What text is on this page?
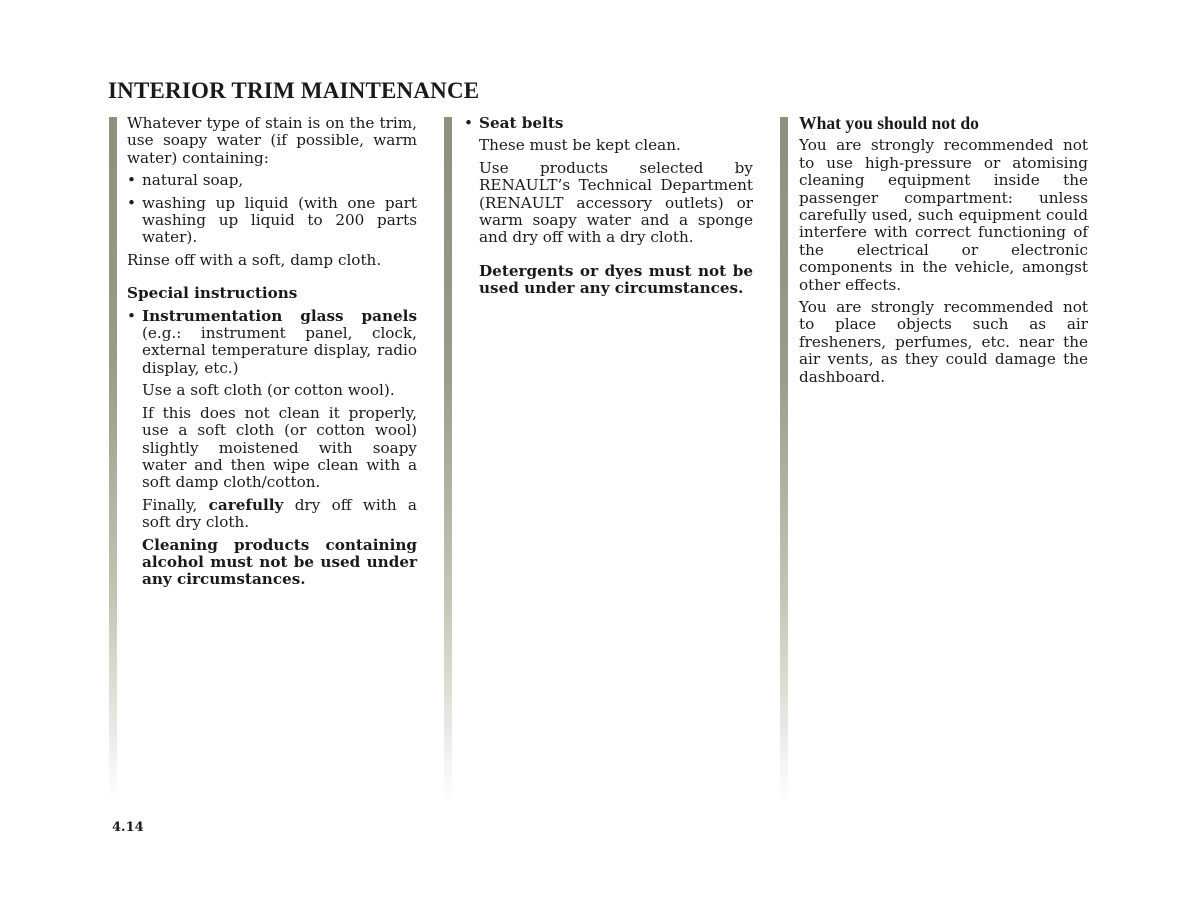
INTERIOR TRIM MAINTENANCE

Whatever type of stain is on the trim, use soapy water (if possible, warm water) containing:

• natural soap,
• washing up liquid (with one part washing up liquid to 200 parts water).

Rinse off with a soft, damp cloth.

Special instructions

• Instrumentation glass panels (e.g.: instrument panel, clock, external temperature display, radio display, etc.)

Use a soft cloth (or cotton wool).

If this does not clean it properly, use a soft cloth (or cotton wool) slightly moistened with soapy water and then wipe clean with a soft damp cloth/cotton.

Finally, carefully dry off with a soft dry cloth.

Cleaning products containing alcohol must not be used under any circumstances.

• Seat belts

These must be kept clean.

Use products selected by RENAULT’s Technical Department (RENAULT accessory outlets) or warm soapy water and a sponge and dry off with a dry cloth.

Detergents or dyes must not be used under any circumstances.

What you should not do

You are strongly recommended not to use high-pressure or atomising cleaning equipment inside the passenger compartment: unless carefully used, such equipment could interfere with correct functioning of the electrical or electronic components in the vehicle, amongst other effects.

You are strongly recommended not to place objects such as air fresheners, perfumes, etc. near the air vents, as they could damage the dashboard.

4.14
